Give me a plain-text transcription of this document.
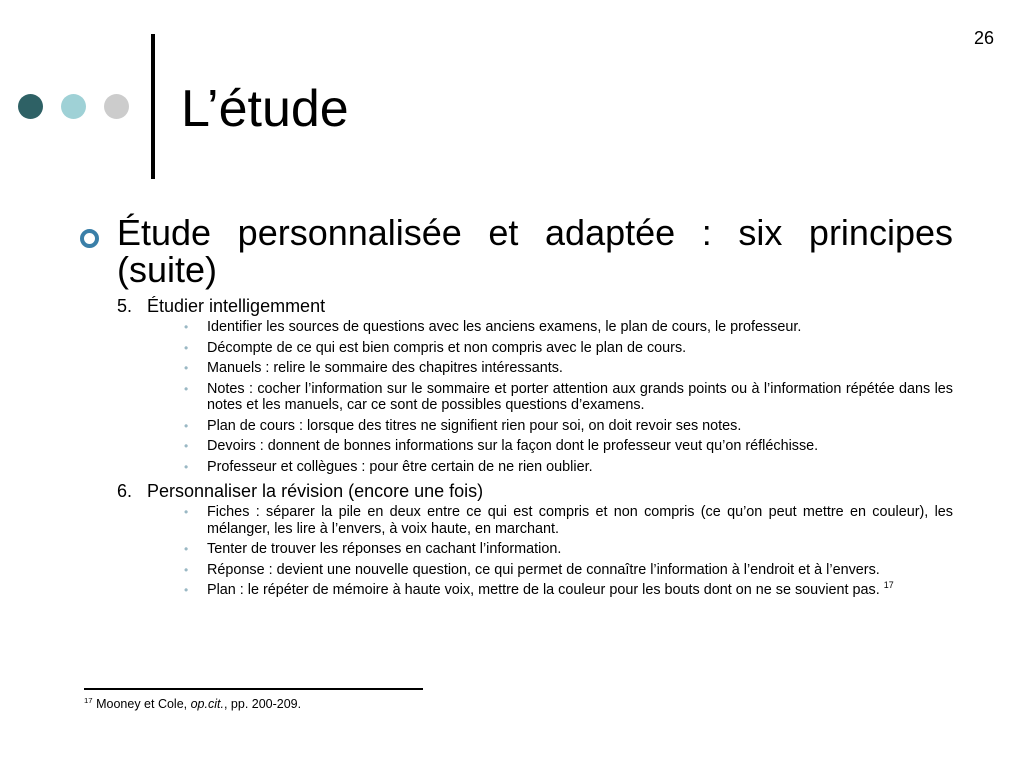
26
L’étude
Étude personnalisée et adaptée : six principes (suite)
5. Étudier intelligemment
• Identifier les sources de questions avec les anciens examens, le plan de cours, le professeur.
• Décompte de ce qui est bien compris et non compris avec le plan de cours.
• Manuels : relire le sommaire des chapitres intéressants.
• Notes : cocher l’information sur le sommaire et porter attention aux grands points ou à l’information répétée dans les notes et les manuels, car ce sont de possibles questions d’examens.
• Plan de cours : lorsque des titres ne signifient rien pour soi, on doit revoir ses notes.
• Devoirs : donnent de bonnes informations sur la façon dont le professeur veut qu’on réfléchisse.
• Professeur et collègues : pour être certain de ne rien oublier.
6. Personnaliser la révision (encore une fois)
• Fiches : séparer la pile en deux entre ce qui est compris et non compris (ce qu’on peut mettre en couleur), les mélanger, les lire à l’envers, à voix haute, en marchant.
• Tenter de trouver les réponses en cachant l’information.
• Réponse : devient une nouvelle question, ce qui permet de connaître l’information à l’endroit et à l’envers.
• Plan : le répéter de mémoire à haute voix, mettre de la couleur pour les bouts dont on ne se souvient pas. $^{17}$
$^{17}$ Mooney et Cole, op.cit., pp. 200-209.
